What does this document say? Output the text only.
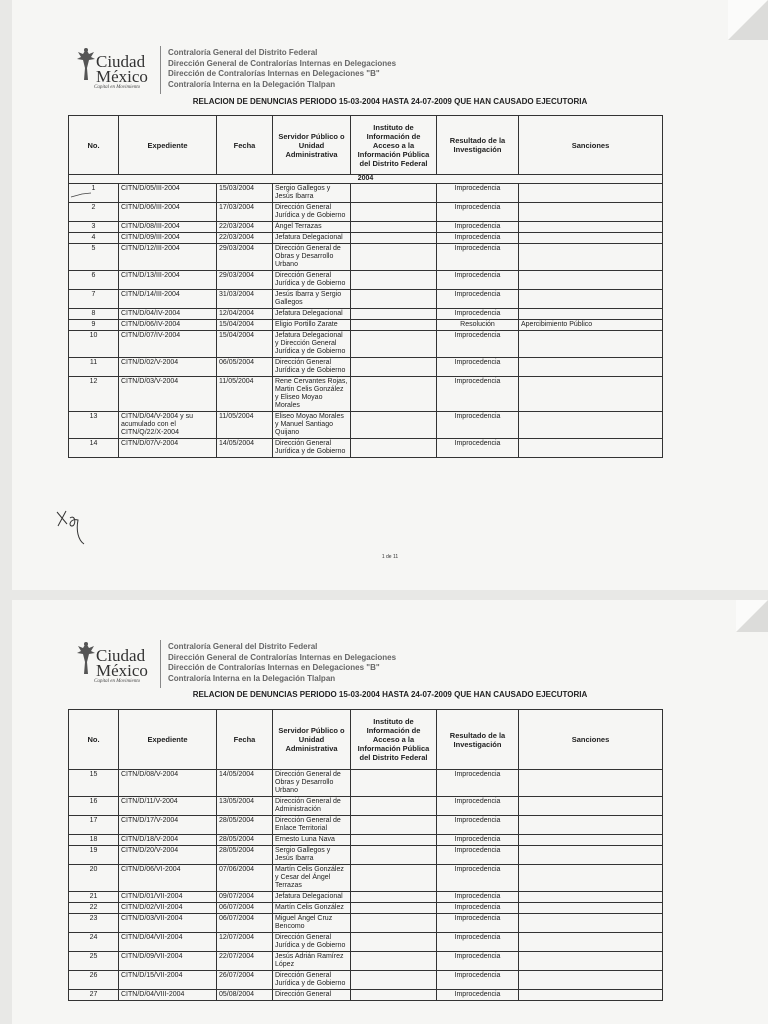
Ciudad
México
Capital en Movimiento
Contraloría General del Distrito Federal
Dirección General de Contralorías Internas en Delegaciones
Dirección de Contralorías Internas en Delegaciones "B"
Contraloría Interna en la Delegación Tlalpan
RELACION DE DENUNCIAS PERIODO 15-03-2004 HASTA 24-07-2009 QUE HAN CAUSADO EJECUTORIA
No.	Expediente	Fecha	Servidor Público o Unidad Administrativa	Instituto de Información de Acceso a la Información Pública del Distrito Federal	Resultado de la Investigación	Sanciones
2004						
1	CITN/D/05/III-2004	15/03/2004	Sergio Gallegos y Jesús Ibarra		Improcedencia	
2	CITN/D/06/III-2004	17/03/2004	Dirección General Jurídica y de Gobierno		Improcedencia	
3	CITN/D/08/III-2004	22/03/2004	Ángel Terrazas		Improcedencia	
4	CITN/D/09/III-2004	22/03/2004	Jefatura Delegacional		Improcedencia	
5	CITN/D/12/III-2004	29/03/2004	Dirección General de Obras y Desarrollo Urbano		Improcedencia	
6	CITN/D/13/III-2004	29/03/2004	Dirección General Jurídica y de Gobierno		Improcedencia	
7	CITN/D/14/III-2004	31/03/2004	Jesús Ibarra y Sergio Gallegos		Improcedencia	
8	CITN/D/04/IV-2004	12/04/2004	Jefatura Delegacional		Improcedencia	
9	CITN/D/06/IV-2004	15/04/2004	Eligio Portillo Zarate		Resolución	Apercibimiento Público
10	CITN/D/07/IV-2004	15/04/2004	Jefatura Delegacional y Dirección General Jurídica y de Gobierno		Improcedencia	
11	CITN/D/02/V-2004	06/05/2004	Dirección General Jurídica y de Gobierno		Improcedencia	
12	CITN/D/03/V-2004	11/05/2004	Rene Cervantes Rojas, Martin Celis González y Eliseo Moyao Morales		Improcedencia	
13	CITN/D/04/V-2004 y su acumulado con el CITN/Q/22/X-2004	11/05/2004	Eliseo Moyao Morales y Manuel Santiago Quijano		Improcedencia	
14	CITN/D/07/V-2004	14/05/2004	Dirección General Jurídica y de Gobierno		Improcedencia	
1 de 11
Ciudad
México
Capital en Movimiento
Contraloría General del Distrito Federal
Dirección General de Contralorías Internas en Delegaciones
Dirección de Contralorías Internas en Delegaciones "B"
Contraloría Interna en la Delegación Tlalpan
RELACION DE DENUNCIAS PERIODO 15-03-2004 HASTA 24-07-2009 QUE HAN CAUSADO EJECUTORIA
No.	Expediente	Fecha	Servidor Público o Unidad Administrativa	Instituto de Información de Acceso a la Información Pública del Distrito Federal	Resultado de la Investigación	Sanciones
15	CITN/D/08/V-2004	14/05/2004	Dirección General de Obras y Desarrollo Urbano		Improcedencia	
16	CITN/D/11/V-2004	13/05/2004	Dirección General de Administración		Improcedencia	
17	CITN/D/17/V-2004	28/05/2004	Dirección General de Enlace Territorial		Improcedencia	
18	CITN/D/18/V-2004	28/05/2004	Ernesto Luna Nava		Improcedencia	
19	CITN/D/20/V-2004	28/05/2004	Sergio Gallegos y Jesús Ibarra		Improcedencia	
20	CITN/D/06/VI-2004	07/06/2004	Martín Celis González y Cesar del Ángel Terrazas		Improcedencia	
21	CITN/D/01/VII-2004	09/07/2004	Jefatura Delegacional		Improcedencia	
22	CITN/D/02/VII-2004	06/07/2004	Martín Celis González		Improcedencia	
23	CITN/D/03/VII-2004	06/07/2004	Miguel Ángel Cruz Bencomo		Improcedencia	
24	CITN/D/04/VII-2004	12/07/2004	Dirección General Jurídica y de Gobierno		Improcedencia	
25	CITN/D/09/VII-2004	22/07/2004	Jesús Adrián Ramírez López		Improcedencia	
26	CITN/D/15/VII-2004	26/07/2004	Dirección General Jurídica y de Gobierno		Improcedencia	
27	CITN/D/04/VIII-2004	05/08/2004	Dirección General		Improcedencia	
